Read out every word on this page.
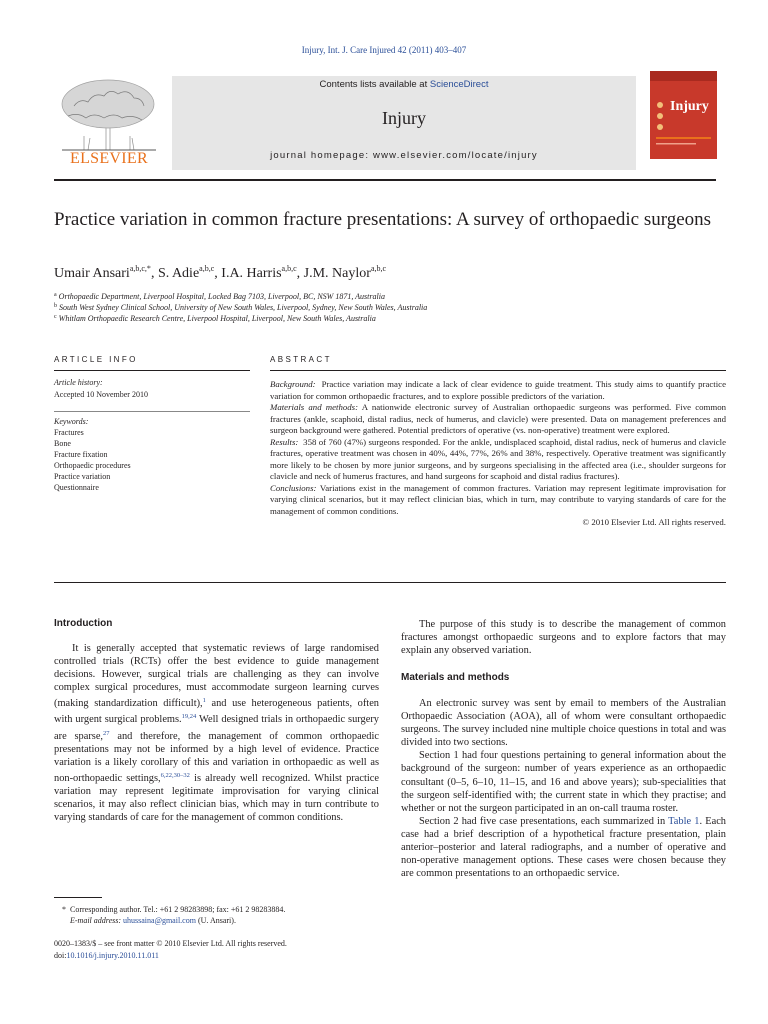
Injury, Int. J. Care Injured 42 (2011) 403–407
ELSEVIER
Contents lists available at ScienceDirect
Injury
journal homepage: www.elsevier.com/locate/injury
Injury
Practice variation in common fracture presentations: A survey of orthopaedic surgeons
Umair Ansari$^{a,b,c,*}$, S. Adie$^{a,b,c}$, I.A. Harris$^{a,b,c}$, J.M. Naylor$^{a,b,c}$
$^a$ Orthopaedic Department, Liverpool Hospital, Locked Bag 7103, Liverpool, BC, NSW 1871, Australia
$^b$ South West Sydney Clinical School, University of New South Wales, Liverpool, Sydney, New South Wales, Australia
$^c$ Whitlam Orthopaedic Research Centre, Liverpool Hospital, Liverpool, New South Wales, Australia
ARTICLE INFO	ABSTRACT
Article history:
Accepted 10 November 2010
Keywords:
Fractures
Bone
Fracture fixation
Orthopaedic procedures
Practice variation
Questionnaire

Background: Practice variation may indicate a lack of clear evidence to guide treatment. This study aims to quantify practice variation for common orthopaedic fractures, and to explore possible predictors of the variation.

Materials and methods: A nationwide electronic survey of Australian orthopaedic surgeons was performed. Five common fractures (ankle, scaphoid, distal radius, neck of humerus, and clavicle) were presented. Data on management preferences and surgeon background were gathered. Potential predictors of operative (vs. non-operative) treatment were explored.

Results: 358 of 760 (47%) surgeons responded. For the ankle, undisplaced scaphoid, distal radius, neck of humerus and clavicle fractures, operative treatment was chosen in 40%, 44%, 77%, 26% and 38%, respectively. Operative treatment was significantly more likely to be chosen by more junior surgeons, and by surgeons specialising in the affected area (i.e., shoulder surgeons for clavicle and neck of humerus fractures, and hand surgeons for scaphoid and distal radius fractures).

Conclusions: Variations exist in the management of common fractures. Variation may represent legitimate improvisation for varying clinical scenarios, but it may reflect clinician bias, which in turn, may contribute to varying standards of care for the management of common conditions.

© 2010 Elsevier Ltd. All rights reserved.

Introduction
It is generally accepted that systematic reviews of large randomised controlled trials (RCTs) offer the best evidence to guide management decisions. However, surgical trials are challenging as they can involve complex surgical procedures, must accommodate surgeon learning curves (making standardization difficult),$^1$ and use heterogeneous patients, often with urgent surgical problems.$^{19,24}$ Well designed trials in orthopaedic surgery are sparse,$^{27}$ and therefore, the management of common orthopaedic presentations may not be informed by a high level of evidence. Practice variation is a likely corollary of this and variation in orthopaedic as well as non-orthopaedic settings,$^{6,22,30-32}$ is already well recognized. Whilst practice variation may represent legitimate improvisation for varying clinical scenarios, it may also reflect clinician bias, which may in turn contribute to varying standards of care for the management of common conditions.
The purpose of this study is to describe the management of common fractures amongst orthopaedic surgeons and to explore factors that may explain any observed variation.
Materials and methods

An electronic survey was sent by email to members of the Australian Orthopaedic Association (AOA), all of whom were consultant orthopaedic surgeons. The survey included nine multiple choice questions in total and was divided into two sections.

Section 1 had four questions pertaining to general information about the background of the surgeon: number of years experience as an orthopaedic consultant (0–5, 6–10, 11–15, and 16 and above years); sub-specialities that the surgeon self-identified with; the current state in which they practise; and whether or not the surgeon participated in an on-call trauma roster.

Section 2 had five case presentations, each summarized in Table 1. Each case had a brief description of a hypothetical fracture presentation, plain anterior–posterior and lateral radiographs, and a number of operative and non-operative management options. These cases were chosen because they are common presentations to an orthopaedic service.

* Corresponding author. Tel.: +61 2 98283898; fax: +61 2 98283884.
E-mail address: uhussaina@gmail.com (U. Ansari).
0020–1383/$ – see front matter © 2010 Elsevier Ltd. All rights reserved.
doi:10.1016/j.injury.2010.11.011
